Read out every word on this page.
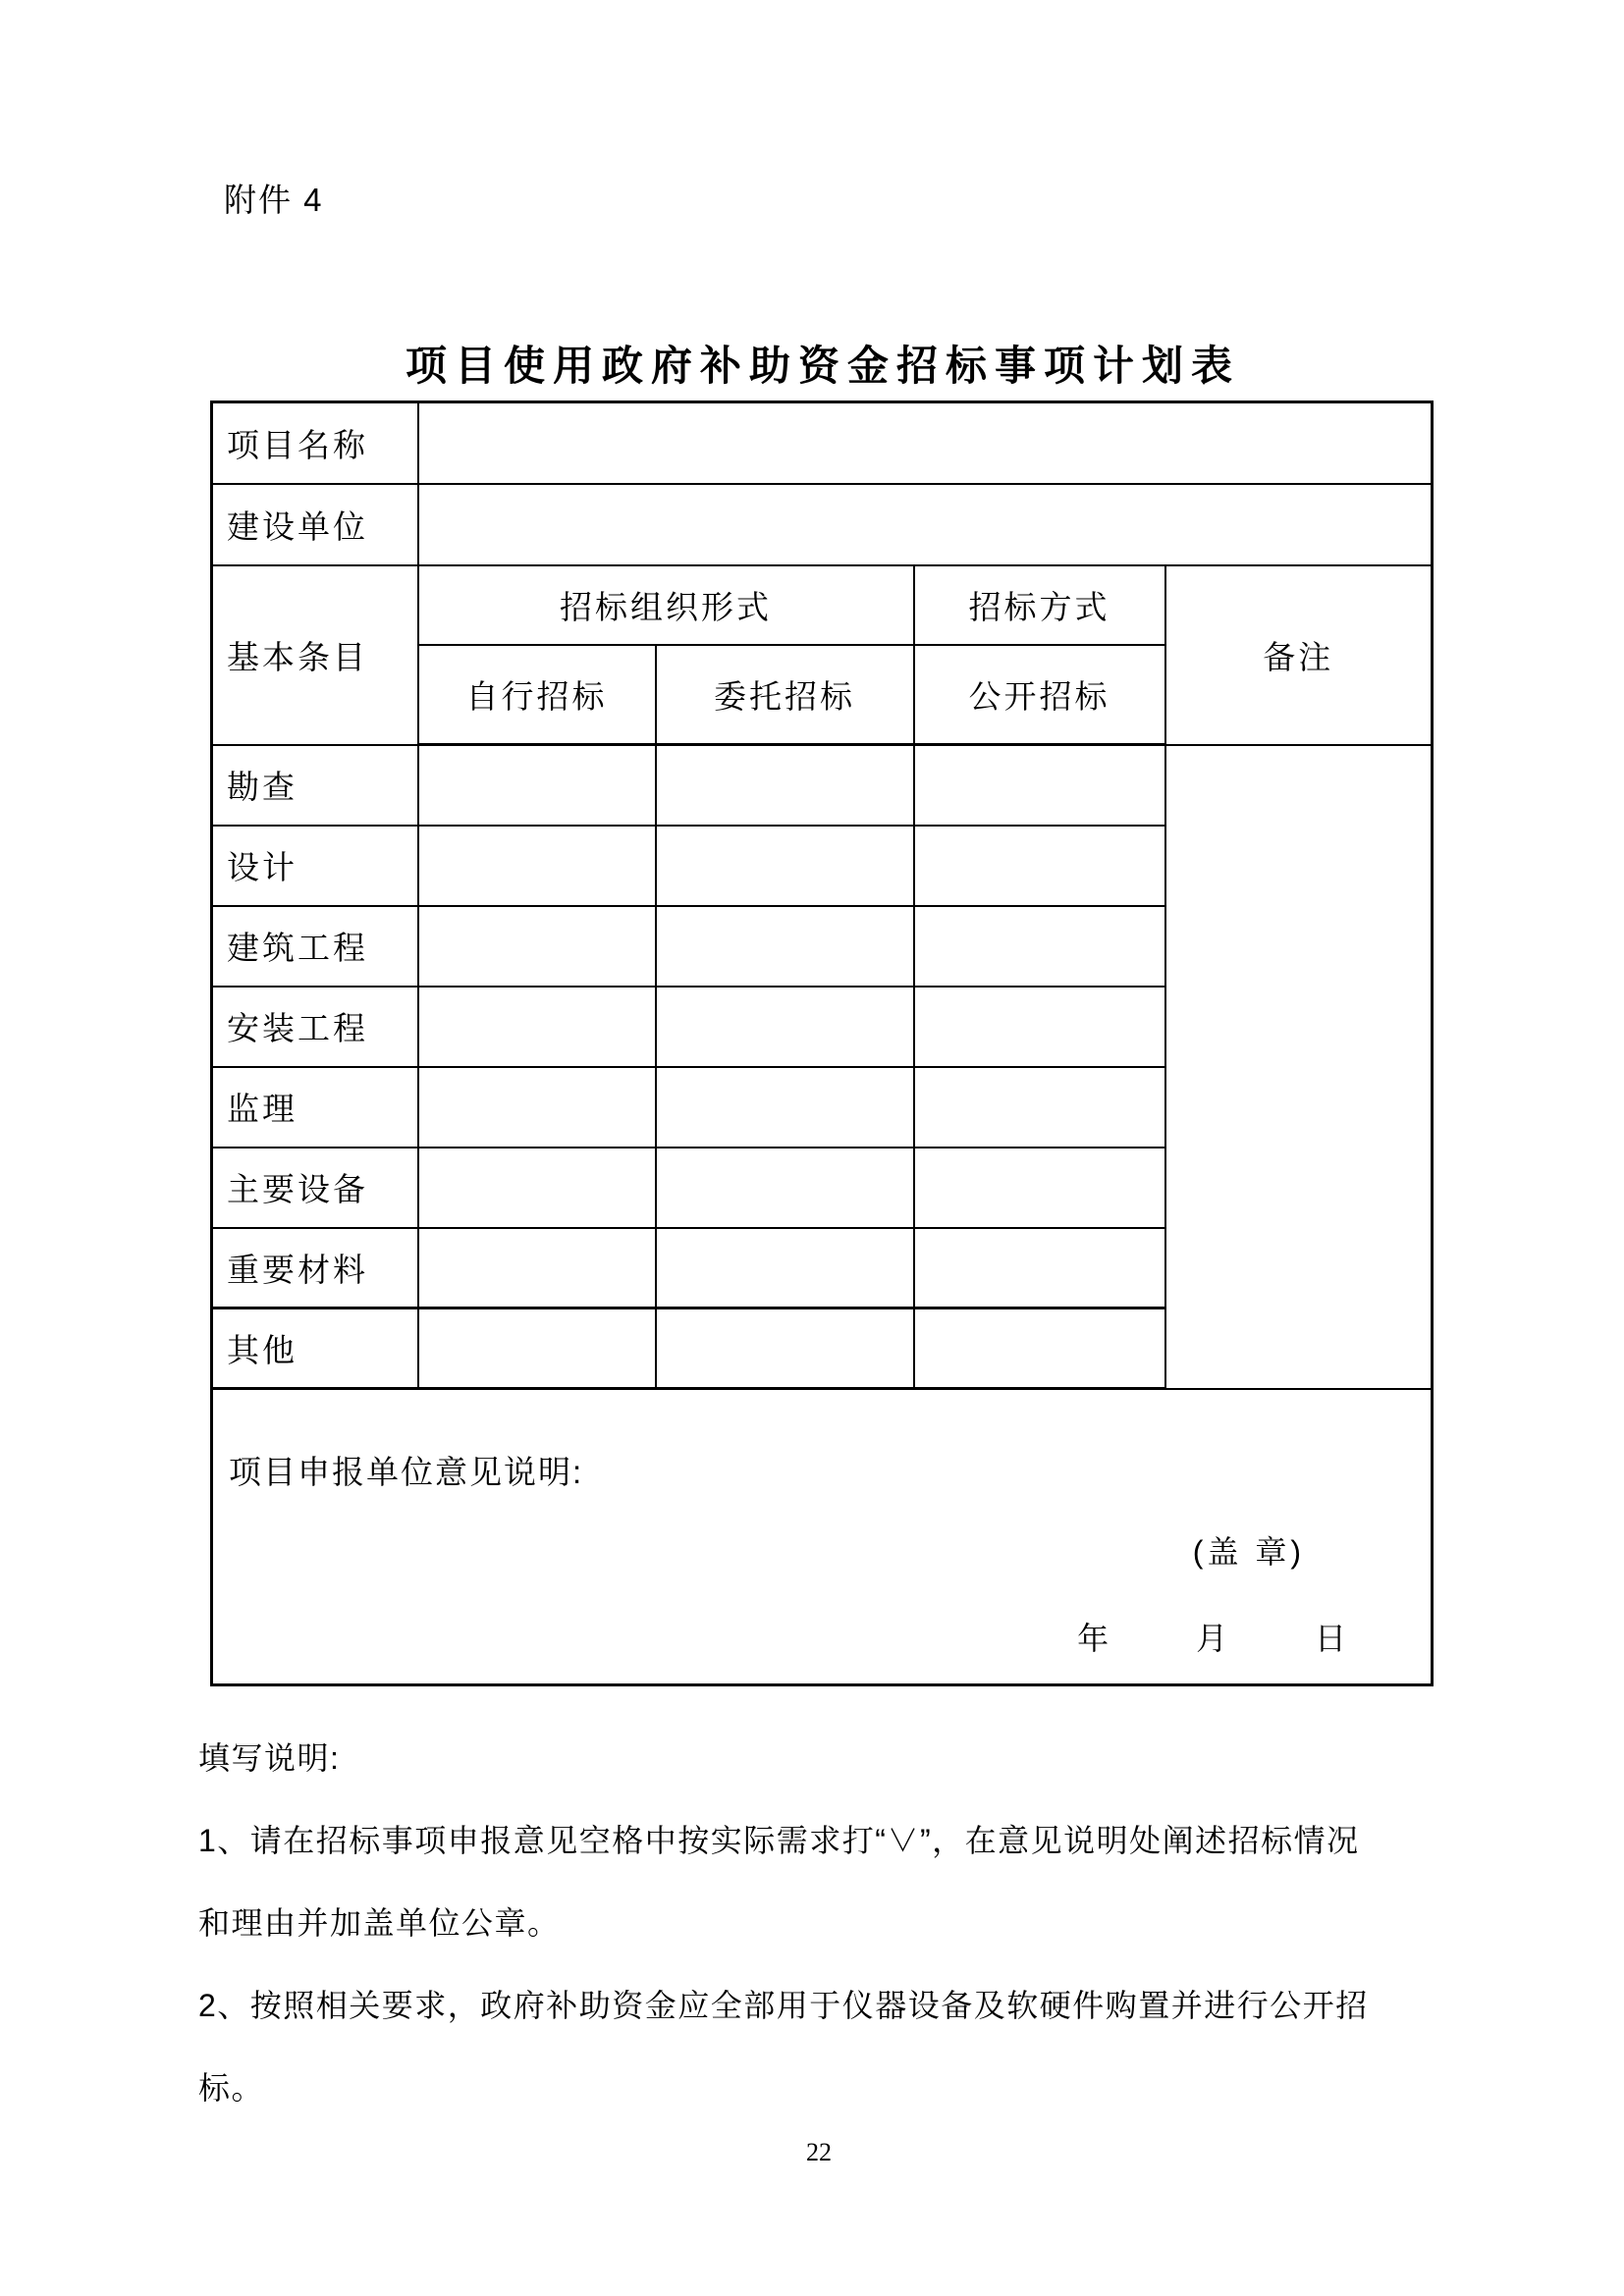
附件 4
项目使用政府补助资金招标事项计划表
项目名称				
建设单位				
基本条目	招标组织形式		招标方式	备注
	自行招标	委托招标	公开招标	
勘查				
设计				
建筑工程				
安装工程				
监理				
主要设备				
重要材料				
其他				

项目申报单位意见说明:
(盖 章)
年 月 日				
填写说明:
1、请在招标事项申报意见空格中按实际需求打“∨”，在意见说明处阐述招标情况
和理由并加盖单位公章。
2、按照相关要求，政府补助资金应全部用于仪器设备及软硬件购置并进行公开招
标。
22
